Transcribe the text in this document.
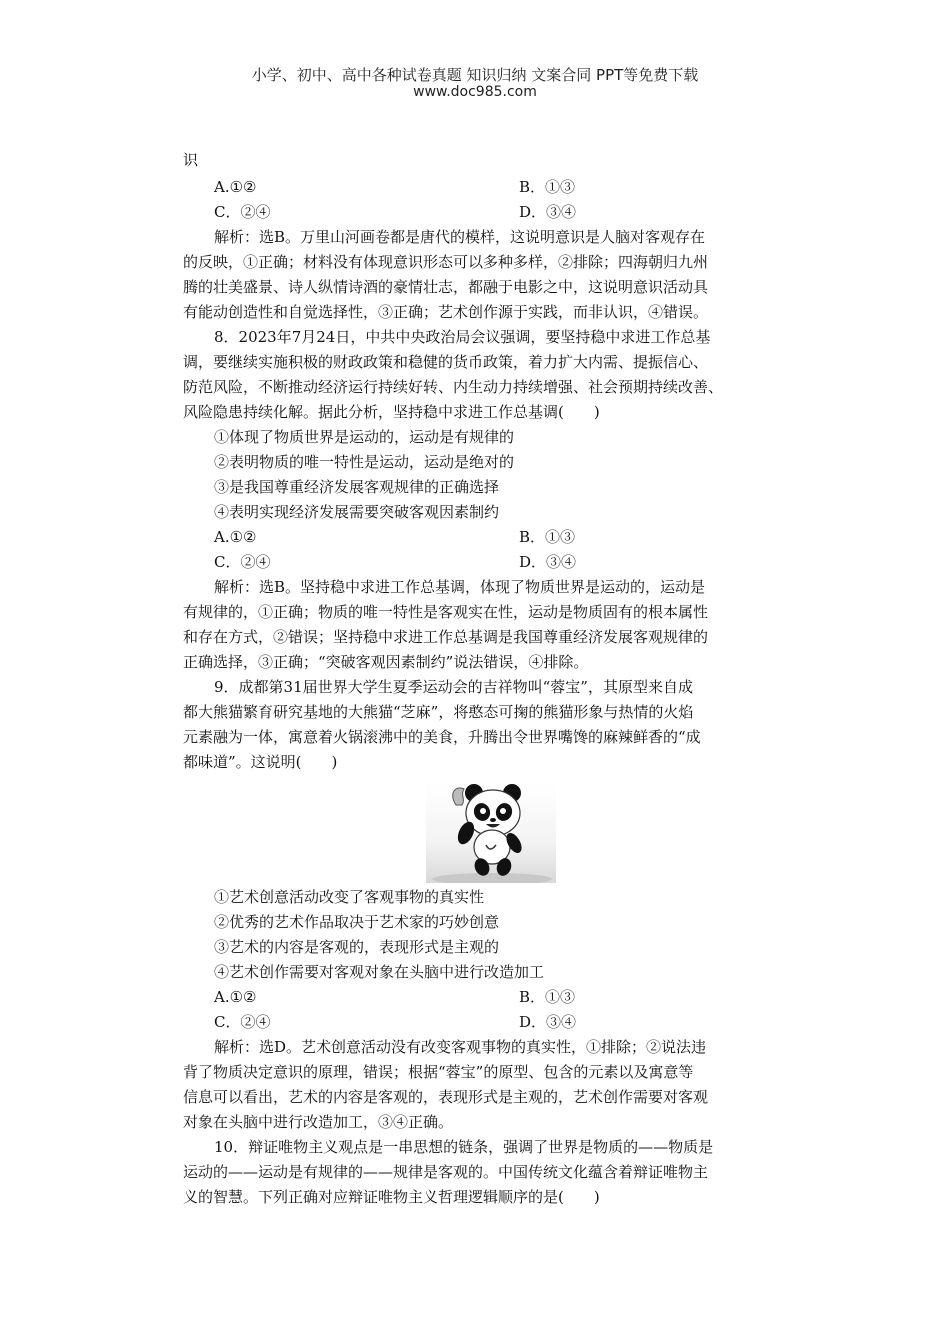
小学、初中、高中各种试卷真题 知识归纳 文案合同 PPT等免费下载
www.doc985.com
识
A.①②	B．①③
C．②④	D．③④
解析：选B。万里山河画卷都是唐代的模样，这说明意识是人脑对客观存在
的反映，①正确；材料没有体现意识形态可以多种多样，②排除；四海朝归九州
腾的壮美盛景、诗人纵情诗酒的豪情壮志，都融于电影之中，这说明意识活动具
有能动创造性和自觉选择性，③正确；艺术创作源于实践，而非认识，④错误。
8．2023年7月24日，中共中央政治局会议强调，要坚持稳中求进工作总基
调，要继续实施积极的财政政策和稳健的货币政策，着力扩大内需、提振信心、
防范风险，不断推动经济运行持续好转、内生动力持续增强、社会预期持续改善、
风险隐患持续化解。据此分析，坚持稳中求进工作总基调(　　)
①体现了物质世界是运动的，运动是有规律的
②表明物质的唯一特性是运动，运动是绝对的
③是我国尊重经济发展客观规律的正确选择
④表明实现经济发展需要突破客观因素制约
A.①②	B．①③
C．②④	D．③④
解析：选B。坚持稳中求进工作总基调，体现了物质世界是运动的，运动是
有规律的，①正确；物质的唯一特性是客观实在性，运动是物质固有的根本属性
和存在方式，②错误；坚持稳中求进工作总基调是我国尊重经济发展客观规律的
正确选择，③正确；“突破客观因素制约”说法错误，④排除。
9．成都第31届世界大学生夏季运动会的吉祥物叫“蓉宝”，其原型来自成
都大熊猫繁育研究基地的大熊猫“芝麻”，将憨态可掬的熊猫形象与热情的火焰
元素融为一体，寓意着火锅滚沸中的美食，升腾出令世界嘴馋的麻辣鲜香的“成
都味道”。这说明(　　)
①艺术创意活动改变了客观事物的真实性
②优秀的艺术作品取决于艺术家的巧妙创意
③艺术的内容是客观的，表现形式是主观的
④艺术创作需要对客观对象在头脑中进行改造加工
A.①②	B．①③
C．②④	D．③④
解析：选D。艺术创意活动没有改变客观事物的真实性，①排除；②说法违
背了物质决定意识的原理，错误；根据“蓉宝”的原型、包含的元素以及寓意等
信息可以看出，艺术的内容是客观的，表现形式是主观的，艺术创作需要对客观
对象在头脑中进行改造加工，③④正确。
10．辩证唯物主义观点是一串思想的链条，强调了世界是物质的——物质是
运动的——运动是有规律的——规律是客观的。中国传统文化蕴含着辩证唯物主
义的智慧。下列正确对应辩证唯物主义哲理逻辑顺序的是(　　)
